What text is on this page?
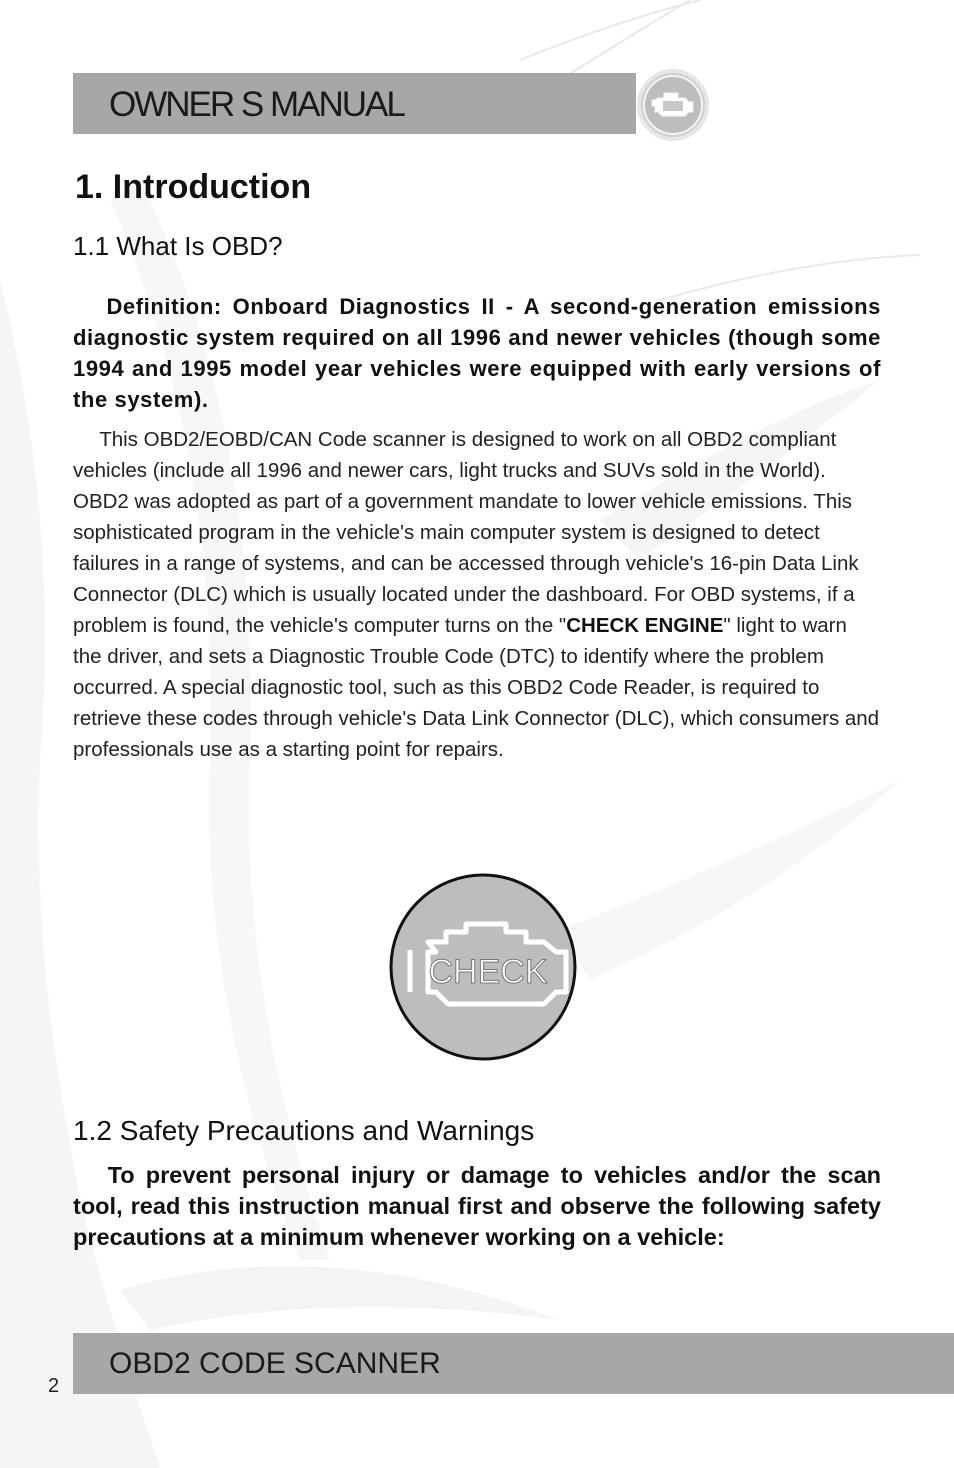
OWNER S MANUAL
1. Introduction
1.1 What Is OBD?

  Definition: Onboard Diagnostics II - A second-generation emissions diagnostic system required on all 1996 and newer vehicles (though some 1994 and 1995 model year vehicles were equipped with early versions of the system).

  This OBD2/EOBD/CAN Code scanner is designed to work on all OBD2 compliant vehicles (include all 1996 and newer cars, light trucks and SUVs sold in the World). OBD2 was adopted as part of a government mandate to lower vehicle emissions. This sophisticated program in the vehicle's main computer system is designed to detect failures in a range of systems, and can be accessed through vehicle's 16-pin Data Link Connector (DLC) which is usually located under the dashboard. For OBD systems, if a problem is found, the vehicle's computer turns on the "CHECK ENGINE" light to warn the driver, and sets a Diagnostic Trouble Code (DTC) to identify where the problem occurred. A special diagnostic tool, such as this OBD2 Code Reader, is required to retrieve these codes through vehicle's Data Link Connector (DLC), which consumers and professionals use as a starting point for repairs.

1.2 Safety Precautions and Warnings

  To prevent personal injury or damage to vehicles and/or the scan tool, read this instruction manual first and observe the following safety precautions at a minimum whenever working on a vehicle:

CHECK
OBD2 CODE SCANNER
2
